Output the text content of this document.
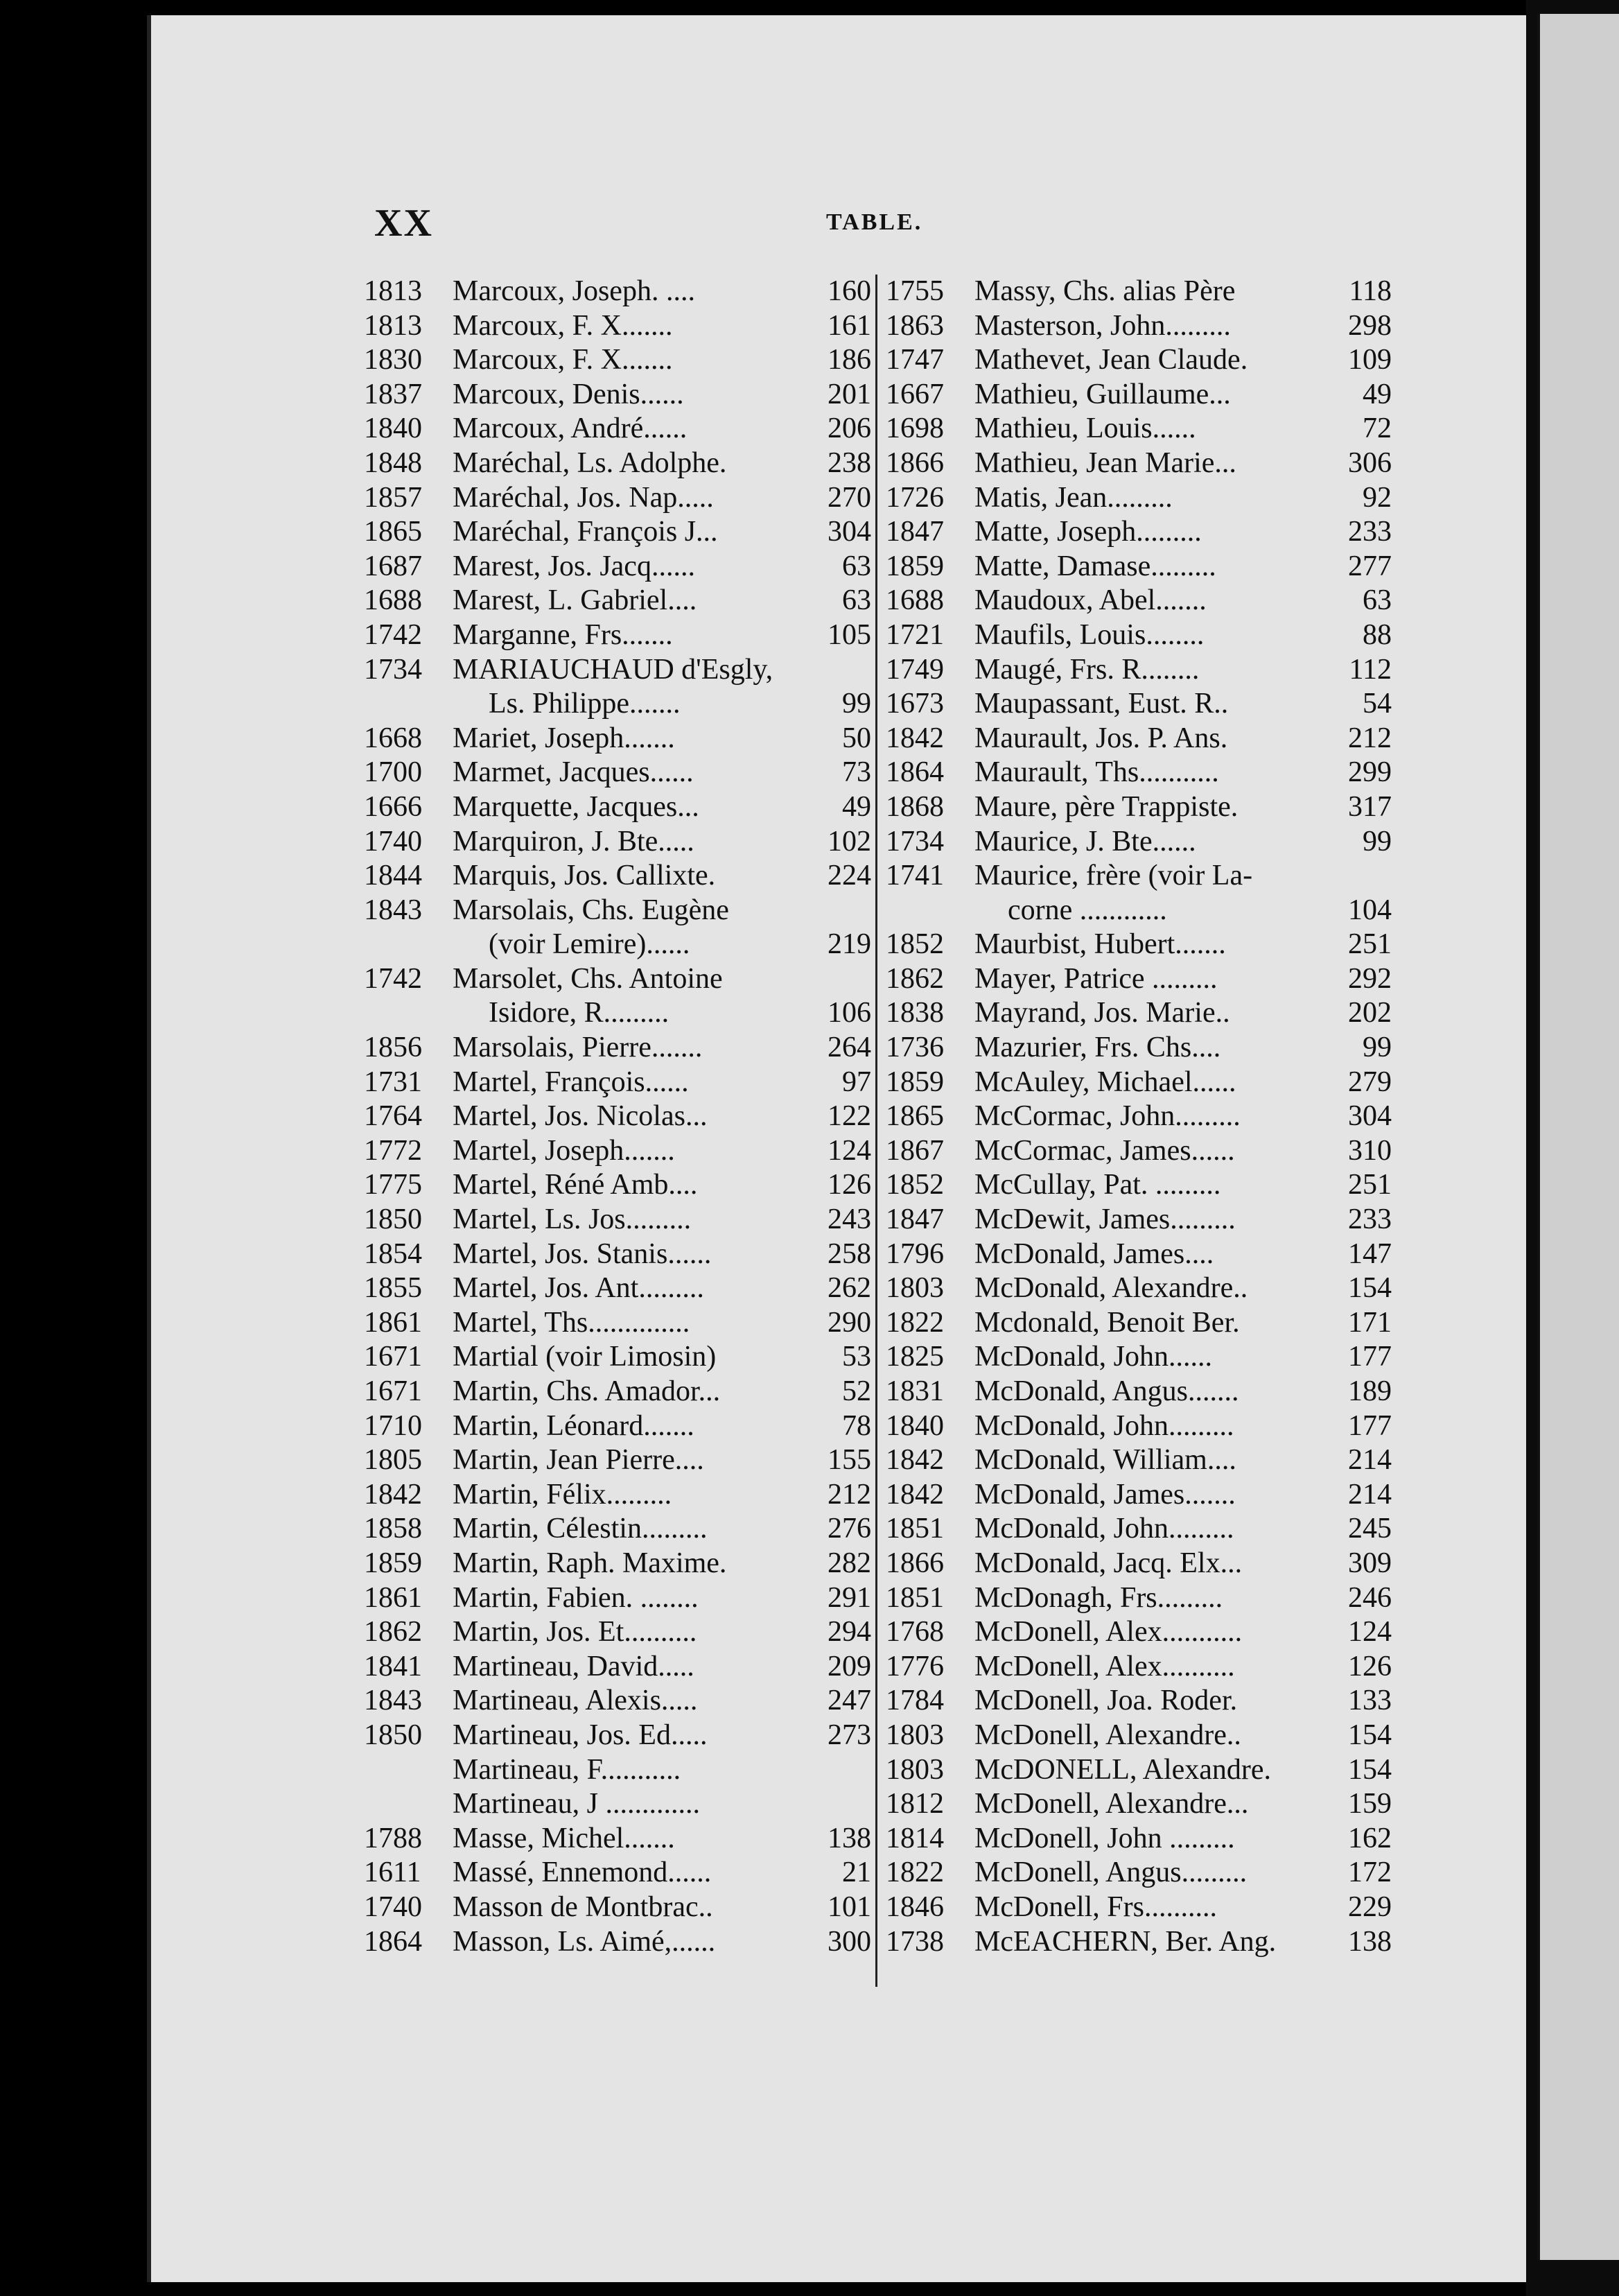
XX	TABLE.
1813	Marcoux, Joseph. ....	160
1813	Marcoux, F. X.......	161
1830	Marcoux, F. X.......	186
1837	Marcoux, Denis......	201
1840	Marcoux, André......	206
1848	Maréchal, Ls. Adolphe.	238
1857	Maréchal, Jos. Nap.....	270
1865	Maréchal, François J...	304
1687	Marest, Jos. Jacq......	63
1688	Marest, L. Gabriel....	63
1742	Marganne, Frs.......	105
1734	MARIAUCHAUD d'Esgly,
Ls. Philippe.......	99
1668	Mariet, Joseph.......	50
1700	Marmet, Jacques......	73
1666	Marquette, Jacques...	49
1740	Marquiron, J. Bte.....	102
1844	Marquis, Jos. Callixte.	224
1843	Marsolais, Chs. Eugène
(voir Lemire)......	219
1742	Marsolet, Chs. Antoine
Isidore, R.........	106
1856	Marsolais, Pierre.......	264
1731	Martel, François......	97
1764	Martel, Jos. Nicolas...	122
1772	Martel, Joseph.......	124
1775	Martel, Réné Amb....	126
1850	Martel, Ls. Jos.........	243
1854	Martel, Jos. Stanis......	258
1855	Martel, Jos. Ant.........	262
1861	Martel, Ths..............	290
1671	Martial (voir Limosin)	53
1671	Martin, Chs. Amador...	52
1710	Martin, Léonard.......	78
1805	Martin, Jean Pierre....	155
1842	Martin, Félix.........	212
1858	Martin, Célestin.........	276
1859	Martin, Raph. Maxime.	282
1861	Martin, Fabien. ........	291
1862	Martin, Jos. Et..........	294
1841	Martineau, David.....	209
1843	Martineau, Alexis.....	247
1850	Martineau, Jos. Ed.....	273
Martineau, F...........
Martineau, J .............
1788	Masse, Michel.......	138
1611	Massé, Ennemond......	21
1740	Masson de Montbrac..	101
1864	Masson, Ls. Aimé,......	300
1755	Massy, Chs. alias Père	118
1863	Masterson, John.........	298
1747	Mathevet, Jean Claude.	109
1667	Mathieu, Guillaume...	49
1698	Mathieu, Louis......	72
1866	Mathieu, Jean Marie...	306
1726	Matis, Jean.........	92
1847	Matte, Joseph.........	233
1859	Matte, Damase.........	277
1688	Maudoux, Abel.......	63
1721	Maufils, Louis........	88
1749	Maugé, Frs. R........	112
1673	Maupassant, Eust. R..	54
1842	Maurault, Jos. P. Ans.	212
1864	Maurault, Ths...........	299
1868	Maure, père Trappiste.	317
1734	Maurice, J. Bte......	99
1741	Maurice, frère (voir La-
corne ............	104
1852	Maurbist, Hubert.......	251
1862	Mayer, Patrice .........	292
1838	Mayrand, Jos. Marie..	202
1736	Mazurier, Frs. Chs....	99
1859	McAuley, Michael......	279
1865	McCormac, John.........	304
1867	McCormac, James......	310
1852	McCullay, Pat. .........	251
1847	McDewit, James.........	233
1796	McDonald, James....	147
1803	McDonald, Alexandre..	154
1822	Mcdonald, Benoit Ber.	171
1825	McDonald, John......	177
1831	McDonald, Angus.......	189
1840	McDonald, John.........	177
1842	McDonald, William....	214
1842	McDonald, James.......	214
1851	McDonald, John.........	245
1866	McDonald, Jacq. Elx...	309
1851	McDonagh, Frs.........	246
1768	McDonell, Alex...........	124
1776	McDonell, Alex..........	126
1784	McDonell, Joa. Roder.	133
1803	McDonell, Alexandre..	154
1803	McDONELL, Alexandre.	154
1812	McDonell, Alexandre...	159
1814	McDonell, John .........	162
1822	McDonell, Angus.........	172
1846	McDonell, Frs..........	229
1738	McEACHERN, Ber. Ang.	138
